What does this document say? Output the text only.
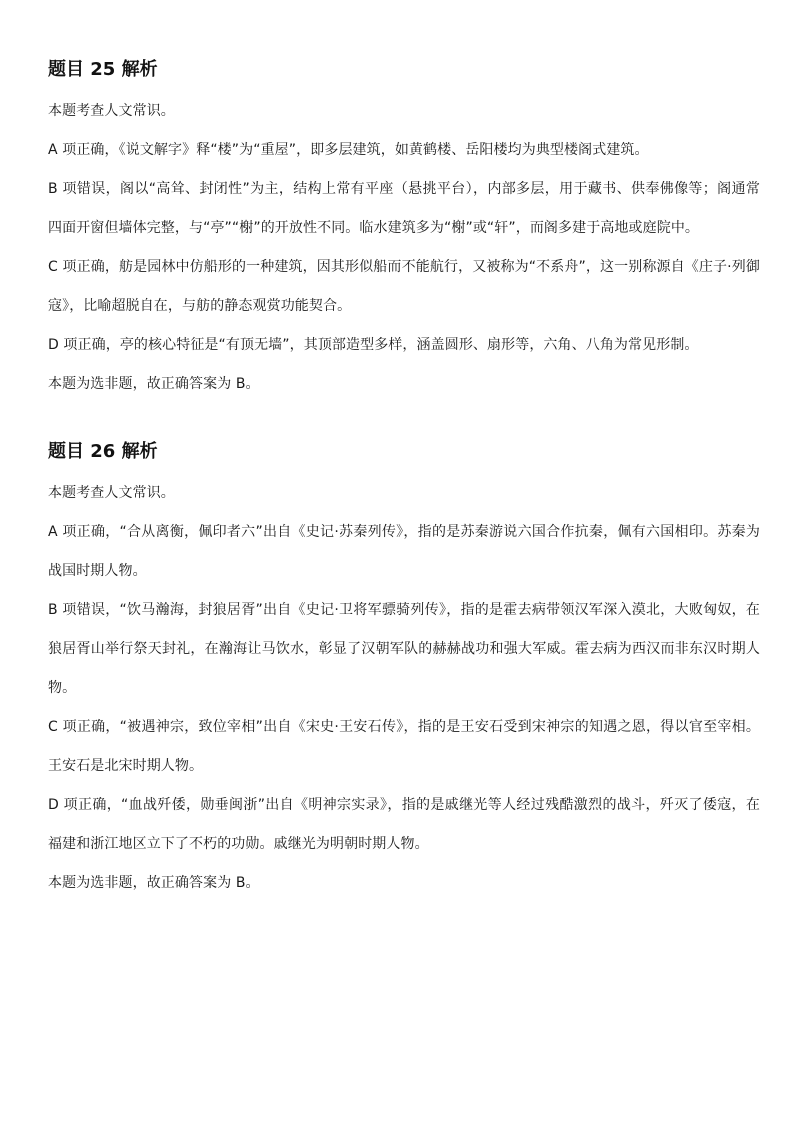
题目 25 解析

本题考查人文常识。

A 项正确，《说文解字》释“楼”为“重屋”，即多层建筑，如黄鹤楼、岳阳楼均为典型楼阁式建筑。

B 项错误，阁以“高耸、封闭性”为主，结构上常有平座（悬挑平台），内部多层，用于藏书、供奉佛像等；阁通常四面开窗但墙体完整，与“亭”“榭”的开放性不同。临水建筑多为“榭”或“轩”，而阁多建于高地或庭院中。

C 项正确，舫是园林中仿船形的一种建筑，因其形似船而不能航行，又被称为“不系舟”，这一别称源自《庄子·列御寇》，比喻超脱自在，与舫的静态观赏功能契合。

D 项正确，亭的核心特征是“有顶无墙”，其顶部造型多样，涵盖圆形、扇形等，六角、八角为常见形制。

本题为选非题，故正确答案为 B。

题目 26 解析

本题考查人文常识。

A 项正确，“合从离衡，佩印者六”出自《史记·苏秦列传》，指的是苏秦游说六国合作抗秦，佩有六国相印。苏秦为战国时期人物。

B 项错误，“饮马瀚海，封狼居胥”出自《史记·卫将军骠骑列传》，指的是霍去病带领汉军深入漠北，大败匈奴，在狼居胥山举行祭天封礼，在瀚海让马饮水，彰显了汉朝军队的赫赫战功和强大军威。霍去病为西汉而非东汉时期人物。

C 项正确，“被遇神宗，致位宰相”出自《宋史·王安石传》，指的是王安石受到宋神宗的知遇之恩，得以官至宰相。王安石是北宋时期人物。

D 项正确，“血战歼倭，勋垂闽浙”出自《明神宗实录》，指的是戚继光等人经过残酷激烈的战斗，歼灭了倭寇，在福建和浙江地区立下了不朽的功勋。戚继光为明朝时期人物。

本题为选非题，故正确答案为 B。
